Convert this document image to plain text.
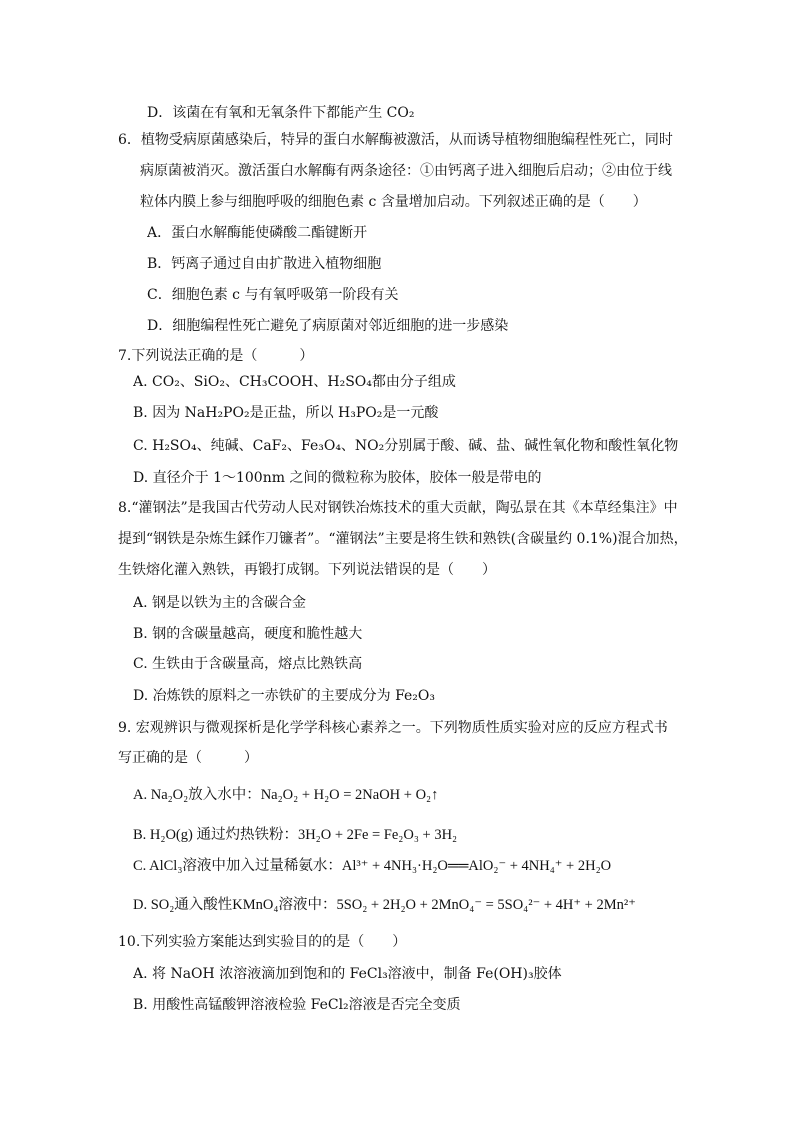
D．该菌在有氧和无氧条件下都能产生 CO₂
6．植物受病原菌感染后，特异的蛋白水解酶被激活，从而诱导植物细胞编程性死亡，同时
病原菌被消灭。激活蛋白水解酶有两条途径：①由钙离子进入细胞后启动；②由位于线
粒体内膜上参与细胞呼吸的细胞色素 c 含量增加启动。下列叙述正确的是（　　）
A．蛋白水解酶能使磷酸二酯键断开
B．钙离子通过自由扩散进入植物细胞
C．细胞色素 c 与有氧呼吸第一阶段有关
D．细胞编程性死亡避免了病原菌对邻近细胞的进一步感染
7.下列说法正确的是（　　　）
A. CO₂、SiO₂、CH₃COOH、H₂SO₄都由分子组成
B. 因为 NaH₂PO₂是正盐，所以 H₃PO₂是一元酸
C. H₂SO₄、纯碱、CaF₂、Fe₃O₄、NO₂分别属于酸、碱、盐、碱性氧化物和酸性氧化物
D. 直径介于 1～100nm 之间的微粒称为胶体，胶体一般是带电的
8.“灌钢法”是我国古代劳动人民对钢铁冶炼技术的重大贡献，陶弘景在其《本草经集注》中
提到“钢铁是杂炼生鍒作刀镰者”。“灌钢法”主要是将生铁和熟铁(含碳量约 0.1%)混合加热，
生铁熔化灌入熟铁，再锻打成钢。下列说法错误的是（　　）
A. 钢是以铁为主的含碳合金
B. 钢的含碳量越高，硬度和脆性越大
C. 生铁由于含碳量高，熔点比熟铁高
D. 冶炼铁的原料之一赤铁矿的主要成分为 Fe₂O₃
9. 宏观辨识与微观探析是化学学科核心素养之一。下列物质性质实验对应的反应方程式书
写正确的是（　　　）
A. Na₂O₂放入水中：Na₂O₂ + H₂O = 2NaOH + O₂↑
B. H₂O(g) 通过灼热铁粉：3H₂O + 2Fe = Fe₂O₃ + 3H₂
C. AlCl₃溶液中加入过量稀氨水：Al³⁺ + 4NH₃·H₂O══AlO₂⁻ + 4NH₄⁺ + 2H₂O
D. SO₂通入酸性KMnO₄溶液中：5SO₂ + 2H₂O + 2MnO₄⁻ = 5SO₄²⁻ + 4H⁺ + 2Mn²⁺
10.下列实验方案能达到实验目的的是（　　）
A. 将 NaOH 浓溶液滴加到饱和的 FeCl₃溶液中，制备 Fe(OH)₃胶体
B. 用酸性高锰酸钾溶液检验 FeCl₂溶液是否完全变质
